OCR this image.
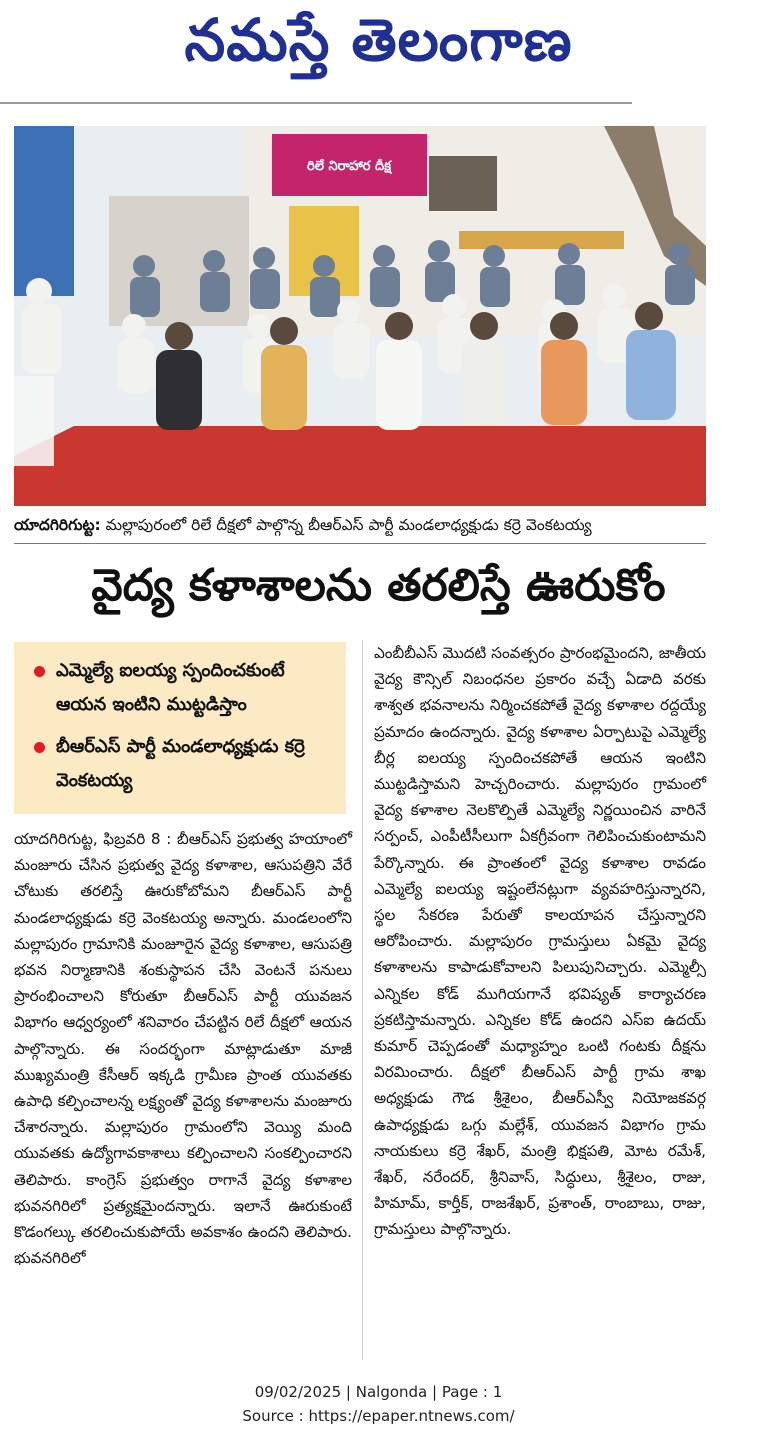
నమస్తే తెలంగాణ
రిలే నిరాహార దీక్ష
యాదగిరిగుట్ట: మల్లాపురంలో రిలే దీక్షలో పాల్గొన్న బీఆర్ఎస్ పార్టీ మండలాధ్యక్షుడు కర్రె వెంకటయ్య
వైద్య కళాశాలను తరలిస్తే ఊరుకోం
ఎమ్మెల్యే ఐలయ్య స్పందించకుంటే ఆయన ఇంటిని ముట్టడిస్తాం
బీఆర్ఎస్ పార్టీ మండలాధ్యక్షుడు కర్రె వెంకటయ్య
యాదగిరిగుట్ట, ఫిబ్రవరి 8 : బీఆర్ఎస్ ప్రభుత్వ హయాంలో మంజూరు చేసిన ప్రభుత్వ వైద్య కళాశాల, ఆసుపత్రిని వేరే చోటుకు తరలిస్తే ఊరుకోబోమని బీఆర్ఎస్ పార్టీ మండలాధ్యక్షుడు కర్రె వెంకటయ్య అన్నారు. మండలంలోని మల్లాపురం గ్రామానికి మంజూరైన వైద్య కళాశాల, ఆసుపత్రి భవన నిర్మాణానికి శంకుస్థాపన చేసి వెంటనే పనులు ప్రారంభించాలని కోరుతూ బీఆర్ఎస్ పార్టీ యువజన విభాగం ఆధ్వర్యంలో శనివారం చేపట్టిన రిలే దీక్షలో ఆయన పాల్గొన్నారు. ఈ సందర్భంగా మాట్లాడుతూ మాజీ ముఖ్యమంత్రి కేసీఆర్ ఇక్కడి గ్రామీణ ప్రాంత యువతకు ఉపాధి కల్పించాలన్న లక్ష్యంతో వైద్య కళాశాలను మంజూరు చేశారన్నారు. మల్లాపురం గ్రామంలోని వెయ్యి మంది యువతకు ఉద్యోగావకాశాలు కల్పించాలని సంకల్పించారని తెలిపారు. కాంగ్రెస్ ప్రభుత్వం రాగానే వైద్య కళాశాల భువనగిరిలో ప్రత్యక్షమైందన్నారు. ఇలానే ఊరుకుంటే కొడంగల్కు తరలించుకుపోయే అవకాశం ఉందని తెలిపారు. భువనగిరిలో
ఎంబీబీఎస్ మొదటి సంవత్సరం ప్రారంభమైందని, జాతీయ వైద్య కౌన్సిల్ నిబంధనల ప్రకారం వచ్చే ఏడాది వరకు శాశ్వత భవనాలను నిర్మించకపోతే వైద్య కళాశాల రద్దయ్యే ప్రమాదం ఉందన్నారు. వైద్య కళాశాల ఏర్పాటుపై ఎమ్మెల్యే బీర్ల ఐలయ్య స్పందించకపోతే ఆయన ఇంటిని ముట్టడిస్తామని హెచ్చరించారు. మల్లాపురం గ్రామంలో వైద్య కళాశాల నెలకొల్పితే ఎమ్మెల్యే నిర్ణయించిన వారినే సర్పంచ్, ఎంపీటీసీలుగా ఏకగ్రీవంగా గెలిపించుకుంటామని పేర్కొన్నారు. ఈ ప్రాంతంలో వైద్య కళాశాల రావడం ఎమ్మెల్యే ఐలయ్య ఇష్టంలేనట్లుగా వ్యవహరిస్తున్నారని, స్థల సేకరణ పేరుతో కాలయాపన చేస్తున్నారని ఆరోపించారు. మల్లాపురం గ్రామస్తులు ఏకమై వైద్య కళాశాలను కాపాడుకోవాలని పిలుపునిచ్చారు. ఎమ్మెల్సీ ఎన్నికల కోడ్ ముగియగానే భవిష్యత్ కార్యాచరణ ప్రకటిస్తామన్నారు. ఎన్నికల కోడ్ ఉందని ఎస్ఐ ఉదయ్ కుమార్ చెప్పడంతో మధ్యాహ్నం ఒంటి గంటకు దీక్షను విరమించారు. దీక్షలో బీఆర్ఎస్ పార్టీ గ్రామ శాఖ అధ్యక్షుడు గౌడ శ్రీశైలం, బీఆర్ఎస్వీ నియోజకవర్గ ఉపాధ్యక్షుడు ఒగ్గు మల్లేశ్, యువజన విభాగం గ్రామ నాయకులు కర్రె శేఖర్, మంత్రి భిక్షపతి, మోట రమేశ్, శేఖర్, నరేందర్, శ్రీనివాస్, సిద్ధులు, శ్రీశైలం, రాజు, హిమామ్, కార్తీక్, రాజశేఖర్, ప్రశాంత్, రాంబాబు, రాజు, గ్రామస్తులు పాల్గొన్నారు.
09/02/2025 | Nalgonda | Page : 1
Source : https://epaper.ntnews.com/
